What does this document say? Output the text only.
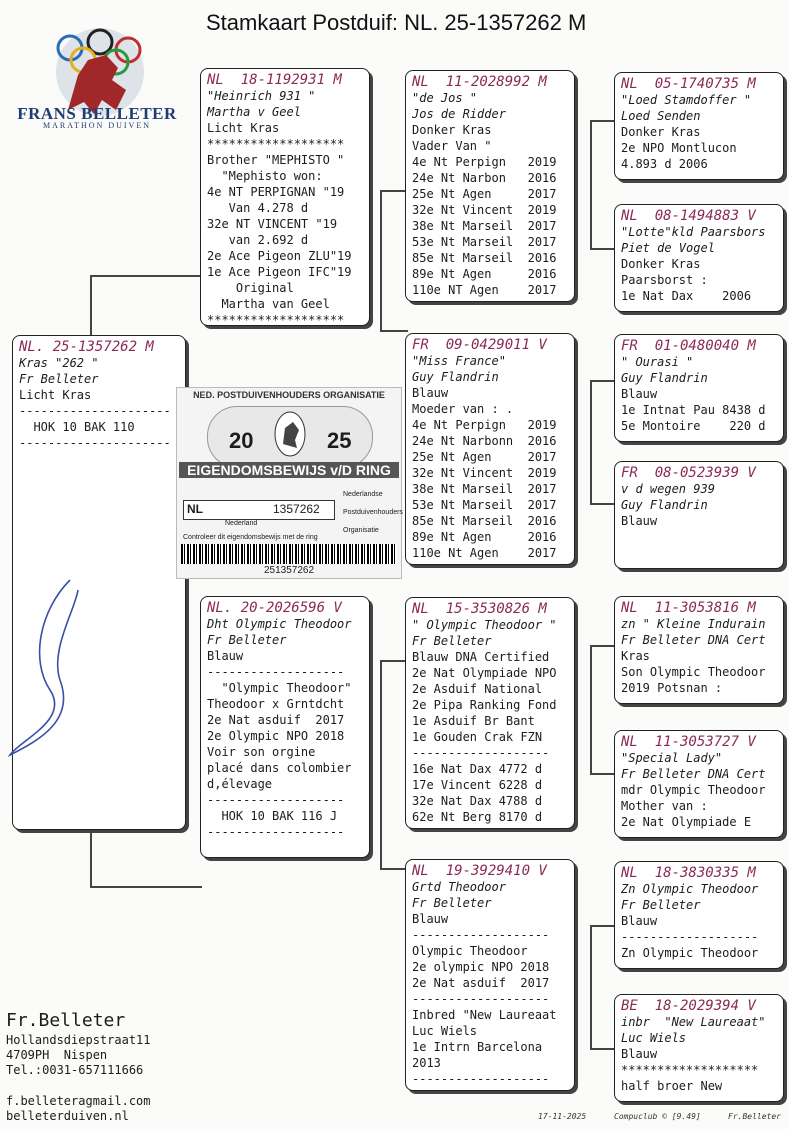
Stamkaart Postduif: NL. 25-1357262 M
FRANS BELLETER
MARATHON DUIVEN
NL. 25-1357262 M
Kras "262 "
Fr Belleter
Licht Kras
---------------------
HOK 10 BAK 110
---------------------
NL  18-1192931 M
"Heinrich 931 "
Martha v Geel
Licht Kras
*******************
Brother "MEPHISTO "
"Mephisto won:
4e NT PERPIGNAN "19
Van 4.278 d
32e NT VINCENT "19
van 2.692 d
2e Ace Pigeon ZLU"19
1e Ace Pigeon IFC"19
Original
Martha van Geel
*******************
NL. 20-2026596 V
Dht Olympic Theodoor
Fr Belleter
Blauw
-------------------
"Olympic Theodoor"
Theodoor x Grntdcht
2e Nat asduif  2017
2e Olympic NPO 2018
Voir son orgine
placé dans colombier
d,élevage
-------------------
HOK 10 BAK 116 J
-------------------
NL  11-2028992 M
"de Jos "
Jos de Ridder
Donker Kras
Vader Van "
4e Nt Perpign   2019
24e Nt Narbon   2016
25e Nt Agen     2017
32e Nt Vincent  2019
38e Nt Marseil  2017
53e Nt Marseil  2017
85e Nt Marseil  2016
89e Nt Agen     2016
110e NT Agen    2017
FR  09-0429011 V
"Miss France"
Guy Flandrin
Blauw
Moeder van : .
4e Nt Perpign   2019
24e Nt Narbonn  2016
25e Nt Agen     2017
32e Nt Vincent  2019
38e Nt Marseil  2017
53e Nt Marseil  2017
85e Nt Marseil  2016
89e Nt Agen     2016
110e Nt Agen    2017
NL  15-3530826 M
" Olympic Theodoor "
Fr Belleter
Blauw DNA Certified
2e Nat Olympiade NPO
2e Asduif National
2e Pipa Ranking Fond
1e Asduif Br Bant
1e Gouden Crak FZN
-------------------
16e Nat Dax 4772 d
17e Vincent 6228 d
32e Nat Dax 4788 d
62e Nt Berg 8170 d
NL  19-3929410 V
Grtd Theodoor
Fr Belleter
Blauw
-------------------
Olympic Theodoor
2e olympic NPO 2018
2e Nat asduif  2017
-------------------
Inbred "New Laureaat
Luc Wiels
1e Intrn Barcelona
2013
-------------------
NL  05-1740735 M
"Loed Stamdoffer "
Loed Senden
Donker Kras
2e NPO Montlucon
4.893 d 2006
NL  08-1494883 V
"Lotte"kld Paarsbors
Piet de Vogel
Donker Kras
Paarsborst :
1e Nat Dax    2006
FR  01-0480040 M
" Ourasi "
Guy Flandrin
Blauw
1e Intnat Pau 8438 d
5e Montoire    220 d
FR  08-0523939 V
v d wegen 939
Guy Flandrin
Blauw
NL  11-3053816 M
zn " Kleine Indurain
Fr Belleter DNA Cert
Kras
Son Olympic Theodoor
2019 Potsnan :
NL  11-3053727 V
"Special Lady"
Fr Belleter DNA Cert
mdr Olympic Theodoor
Mother van :
2e Nat Olympiade E
NL  18-3830335 M
Zn Olympic Theodoor
Fr Belleter
Blauw
-------------------
Zn Olympic Theodoor
BE  18-2029394 V
inbr  "New Laureaat"
Luc Wiels
Blauw
*******************
half broer New
NED. POSTDUIVENHOUDERS ORGANISATIE
20	25
EIGENDOMSBEWIJS v/D RING
NL	1357262
Nederland
Nederlandse
Postduivenhouders
Organisatie
Controleer dit eigendomsbewijs met de ring
251357262
Fr.Belleter
Hollandsdiepstraat11
4709PH  Nispen
Tel.:0031-657111666
f.belleteragmail.com
belleterduiven.nl	17-11-2025	Compuclub © [9.49]	Fr.Belleter
